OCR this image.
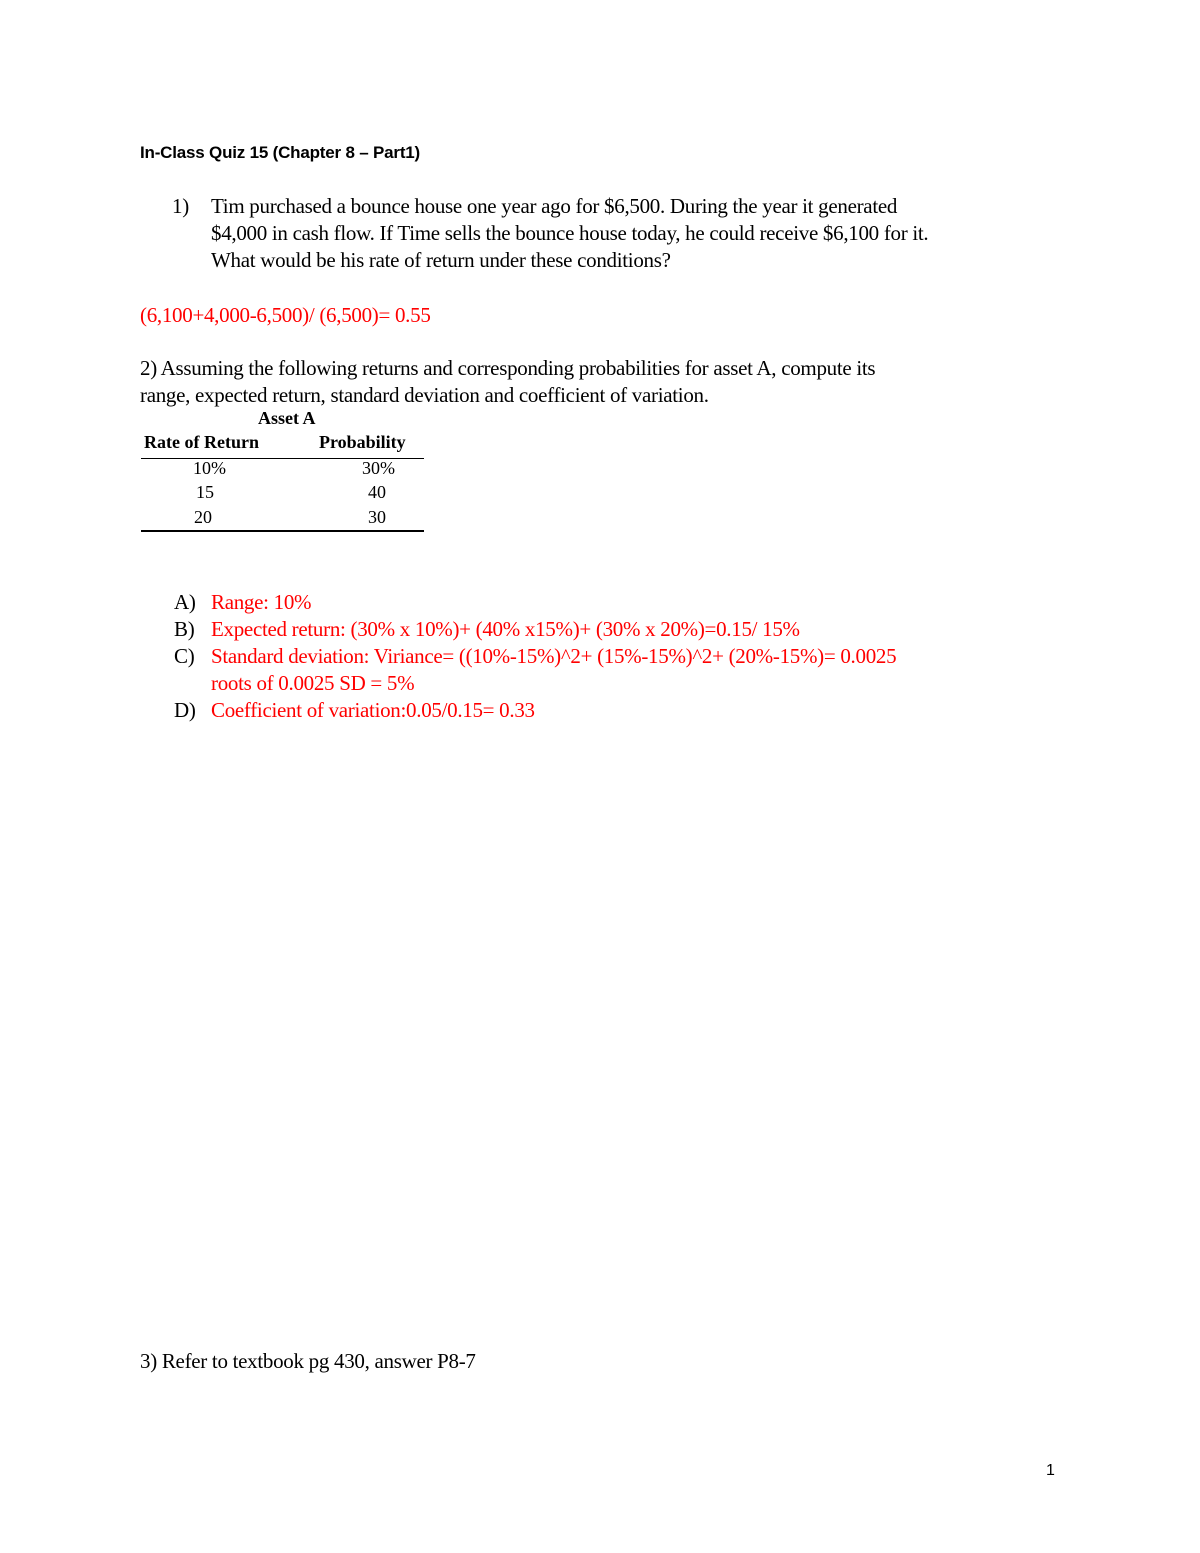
In-Class Quiz 15 (Chapter 8 – Part1)
1) Tim purchased a bounce house one year ago for $6,500. During the year it generated
$4,000 in cash flow. If Time sells the bounce house today, he could receive $6,100 for it.
What would be his rate of return under these conditions?
(6,100+4,000-6,500)/ (6,500)= 0.55
2) Assuming the following returns and corresponding probabilities for asset A, compute its
range, expected return, standard deviation and coefficient of variation.
Asset A
Rate of Return	Probability
10%	30%
15	40
20	30
A) Range: 10%
B) Expected return: (30% x 10%)+ (40% x15%)+ (30% x 20%)=0.15/ 15%
C) Standard deviation: Viriance= ((10%-15%)^2+ (15%-15%)^2+ (20%-15%)= 0.0025
roots of 0.0025 SD = 5%
D) Coefficient of variation:0.05/0.15= 0.33
3) Refer to textbook pg 430, answer P8-7
1
